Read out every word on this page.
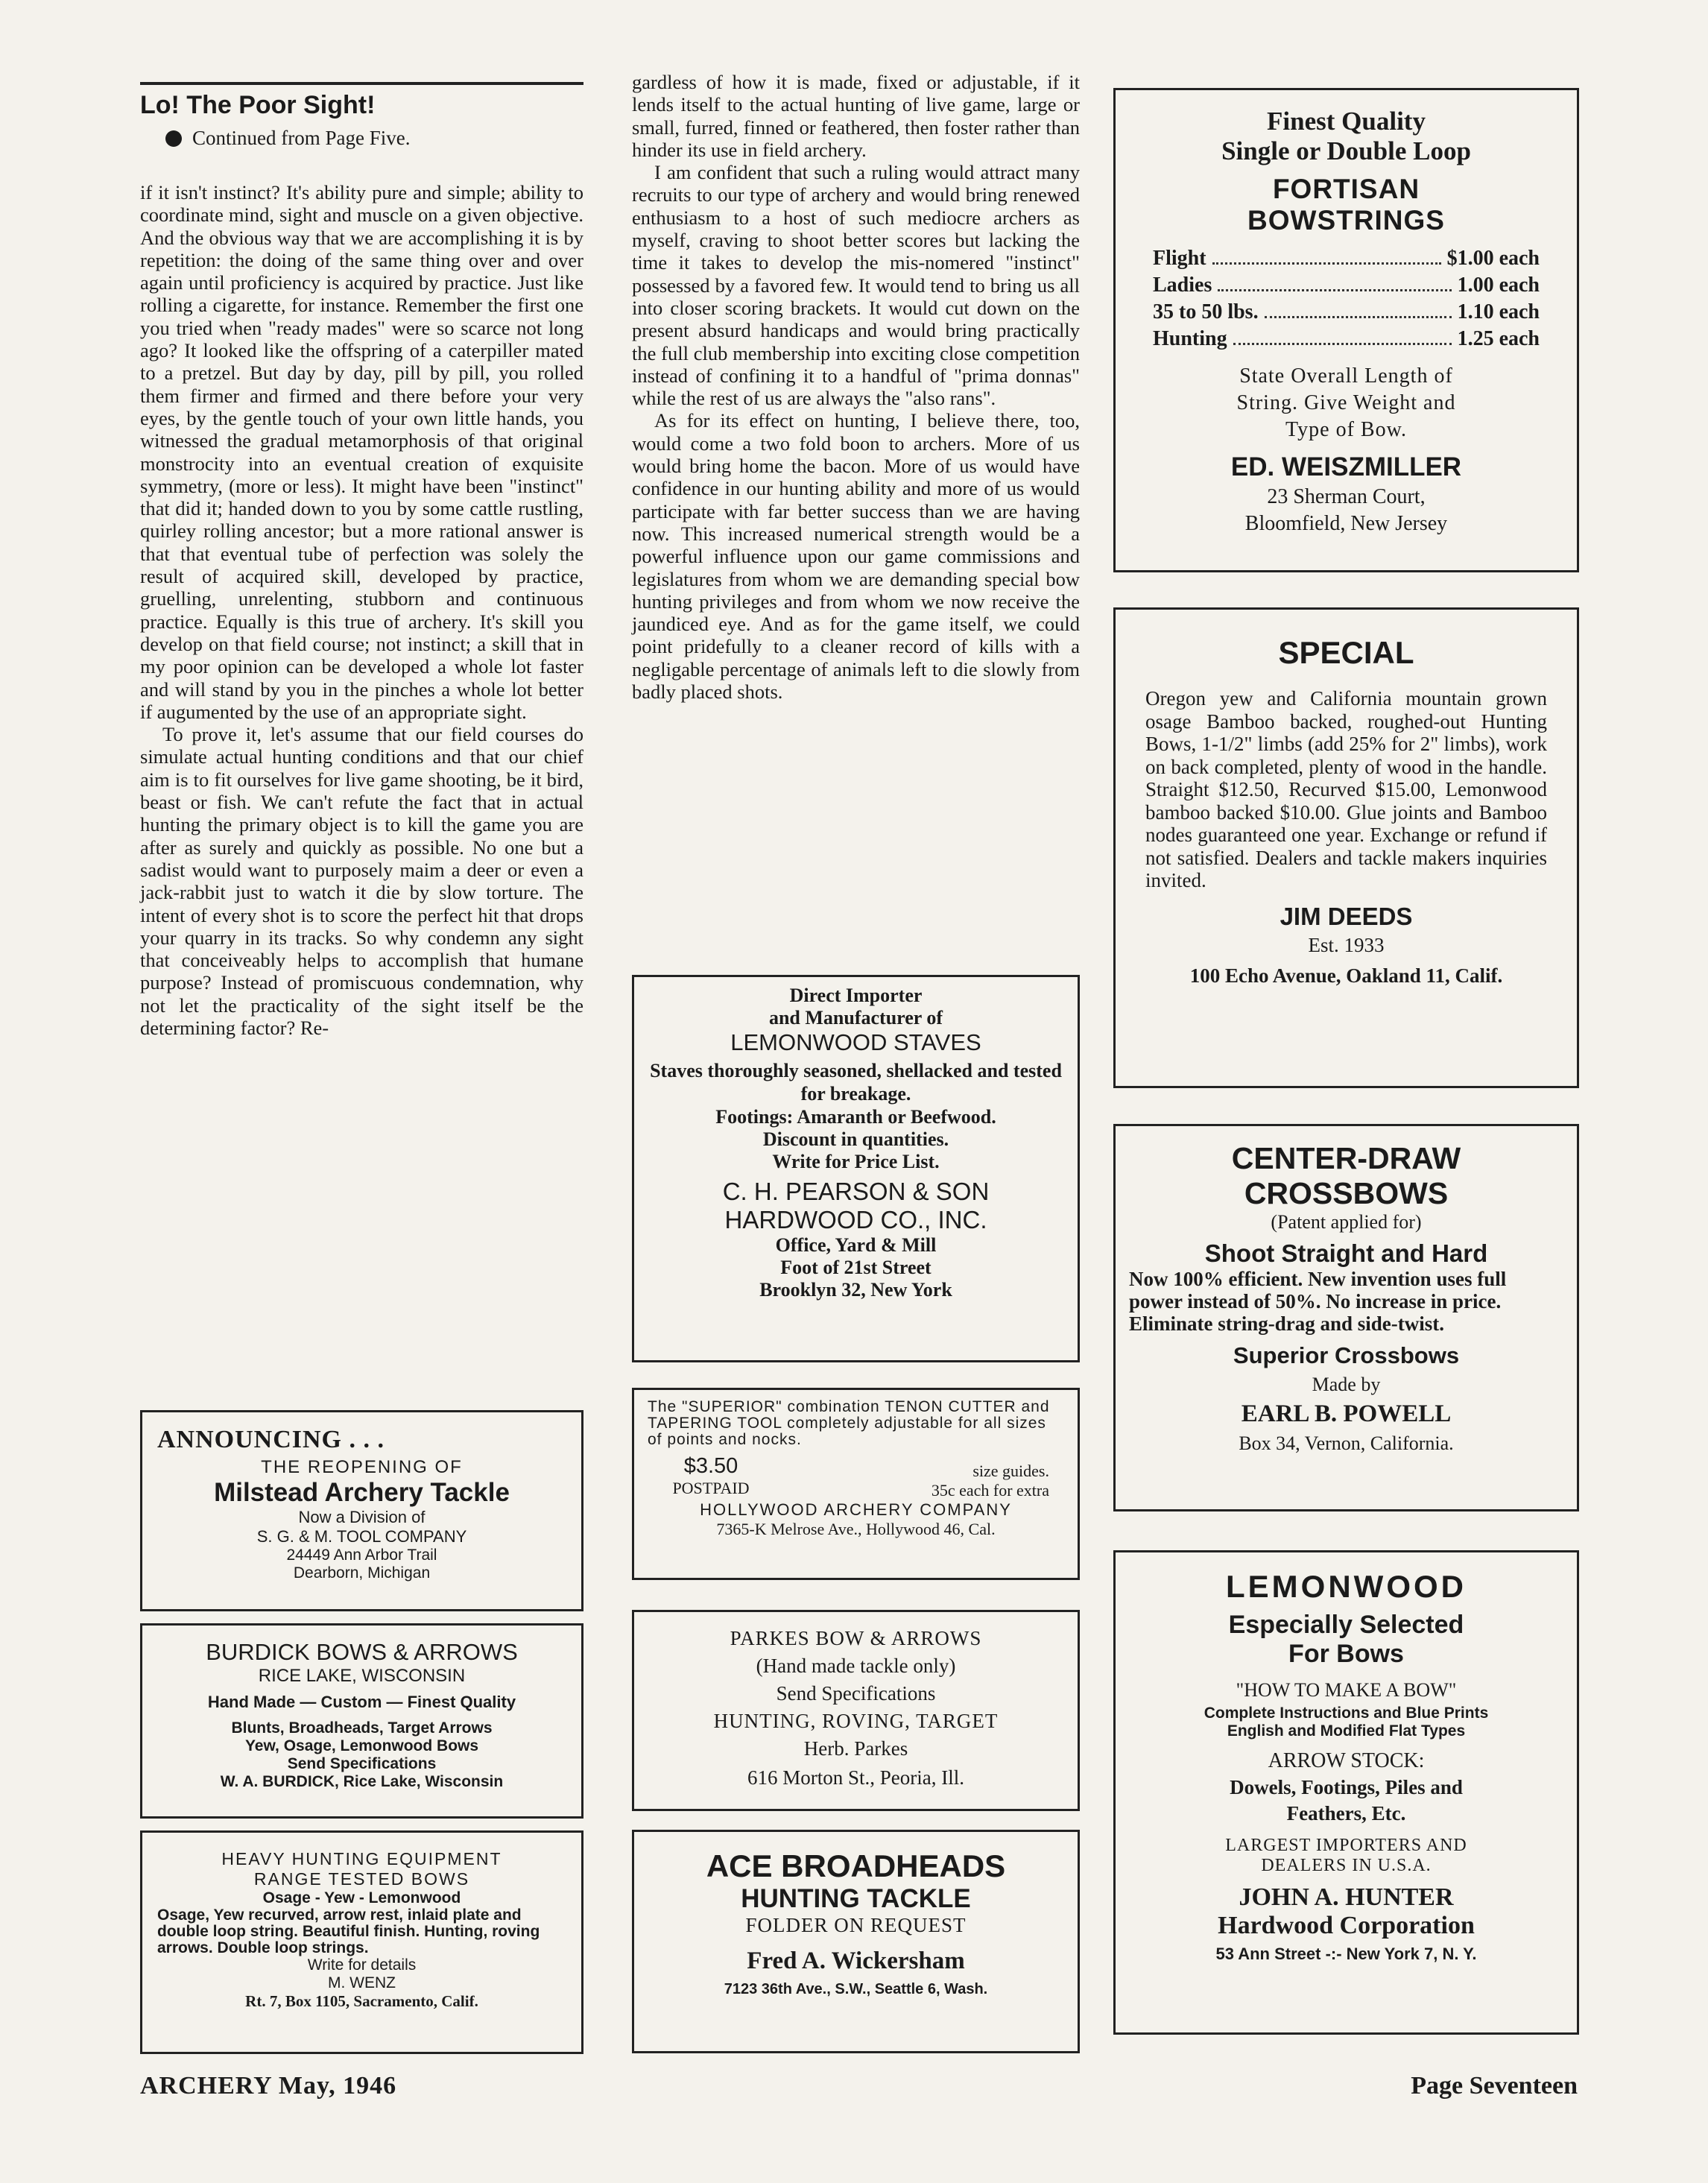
Lo! The Poor Sight!
Continued from Page Five.

if it isn't instinct? It's ability pure and simple; ability to coordinate mind, sight and muscle on a given objective. And the obvious way that we are accomplishing it is by repetition: the doing of the same thing over and over again until proficiency is acquired by practice. Just like rolling a cigarette, for instance. Remember the first one you tried when "ready mades" were so scarce not long ago? It looked like the offspring of a caterpiller mated to a pretzel. But day by day, pill by pill, you rolled them firmer and firmed and there before your very eyes, by the gentle touch of your own little hands, you witnessed the gradual metamorphosis of that original monstrocity into an eventual creation of exquisite symmetry, (more or less). It might have been "instinct" that did it; handed down to you by some cattle rustling, quirley rolling ancestor; but a more rational answer is that that eventual tube of perfection was solely the result of acquired skill, developed by practice, gruelling, unrelenting, stubborn and continuous practice. Equally is this true of archery. It's skill you develop on that field course; not instinct; a skill that in my poor opinion can be developed a whole lot faster and will stand by you in the pinches a whole lot better if augumented by the use of an appropriate sight.

To prove it, let's assume that our field courses do simulate actual hunting conditions and that our chief aim is to fit ourselves for live game shooting, be it bird, beast or fish. We can't refute the fact that in actual hunting the primary object is to kill the game you are after as surely and quickly as possible. No one but a sadist would want to purposely maim a deer or even a jack-rabbit just to watch it die by slow torture. The intent of every shot is to score the perfect hit that drops your quarry in its tracks. So why condemn any sight that conceiveably helps to accomplish that humane purpose? Instead of promiscuous condemnation, why not let the practicality of the sight itself be the determining factor? Re-

ANNOUNCING . . .
THE REOPENING OF
Milstead Archery Tackle
Now a Division of
S. G. & M. TOOL COMPANY
24449 Ann Arbor Trail
Dearborn, Michigan
BURDICK BOWS & ARROWS
RICE LAKE, WISCONSIN
Hand Made — Custom — Finest Quality
Blunts, Broadheads, Target Arrows
Yew, Osage, Lemonwood Bows
Send Specifications
W. A. BURDICK, Rice Lake, Wisconsin
HEAVY HUNTING EQUIPMENT
RANGE TESTED BOWS
Osage - Yew - Lemonwood
Osage, Yew recurved, arrow rest, inlaid plate and double loop string. Beautiful finish. Hunting, roving arrows. Double loop strings.
Write for details
M. WENZ
Rt. 7, Box 1105, Sacramento, Calif.

gardless of how it is made, fixed or adjustable, if it lends itself to the actual hunting of live game, large or small, furred, finned or feathered, then foster rather than hinder its use in field archery.

I am confident that such a ruling would attract many recruits to our type of archery and would bring renewed enthusiasm to a host of such mediocre archers as myself, craving to shoot better scores but lacking the time it takes to develop the mis-nomered "instinct" possessed by a favored few. It would tend to bring us all into closer scoring brackets. It would cut down on the present absurd handicaps and would bring practically the full club membership into exciting close competition instead of confining it to a handful of "prima donnas" while the rest of us are always the "also rans".

As for its effect on hunting, I believe there, too, would come a two fold boon to archers. More of us would bring home the bacon. More of us would have confidence in our hunting ability and more of us would participate with far better success than we are having now. This increased numerical strength would be a powerful influence upon our game commissions and legislatures from whom we are demanding special bow hunting privileges and from whom we now receive the jaundiced eye. And as for the game itself, we could point pridefully to a cleaner record of kills with a negligable percentage of animals left to die slowly from badly placed shots.

Direct Importer
and Manufacturer of
LEMONWOOD STAVES
Staves thoroughly seasoned, shellacked and tested for breakage.
Footings: Amaranth or Beefwood.
Discount in quantities.
Write for Price List.
C. H. PEARSON & SON
HARDWOOD CO., INC.
Office, Yard & Mill
Foot of 21st Street
Brooklyn 32, New York
The "SUPERIOR" combination TENON CUTTER and TAPERING TOOL completely adjustable for all sizes of points and nocks.
$3.50
POSTPAID
size guides.
35c each for extra
HOLLYWOOD ARCHERY COMPANY
7365-K Melrose Ave., Hollywood 46, Cal.
PARKES BOW & ARROWS
(Hand made tackle only)
Send Specifications
HUNTING, ROVING, TARGET
Herb. Parkes
616 Morton St., Peoria, Ill.
ACE BROADHEADS
HUNTING TACKLE
FOLDER ON REQUEST
Fred A. Wickersham
7123 36th Ave., S.W., Seattle 6, Wash.
Finest Quality
Single or Double Loop
FORTISAN
BOWSTRINGS
Flight	$1.00 each
Ladies	1.00 each
35 to 50 lbs.	1.10 each
Hunting	1.25 each
State Overall Length of
String. Give Weight and
Type of Bow.
ED. WEISZMILLER
23 Sherman Court,
Bloomfield, New Jersey
SPECIAL
Oregon yew and California mountain grown osage Bamboo backed, roughed-out Hunting Bows, 1-1/2" limbs (add 25% for 2" limbs), work on back completed, plenty of wood in the handle. Straight $12.50, Recurved $15.00, Lemonwood bamboo backed $10.00. Glue joints and Bamboo nodes guaranteed one year. Exchange or refund if not satisfied. Dealers and tackle makers inquiries invited.
JIM DEEDS
Est. 1933
100 Echo Avenue, Oakland 11, Calif.
CENTER-DRAW
CROSSBOWS
(Patent applied for)
Shoot Straight and Hard
Now 100% efficient. New invention uses full power instead of 50%. No increase in price. Eliminate string-drag and side-twist.
Superior Crossbows
Made by
EARL B. POWELL
Box 34, Vernon, California.
LEMONWOOD
Especially Selected
For Bows
"HOW TO MAKE A BOW"
Complete Instructions and Blue Prints
English and Modified Flat Types
ARROW STOCK:
Dowels, Footings, Piles and
Feathers, Etc.
LARGEST IMPORTERS AND
DEALERS IN U.S.A.
JOHN A. HUNTER
Hardwood Corporation
53 Ann Street -:- New York 7, N. Y.
ARCHERY May, 1946	Page Seventeen
